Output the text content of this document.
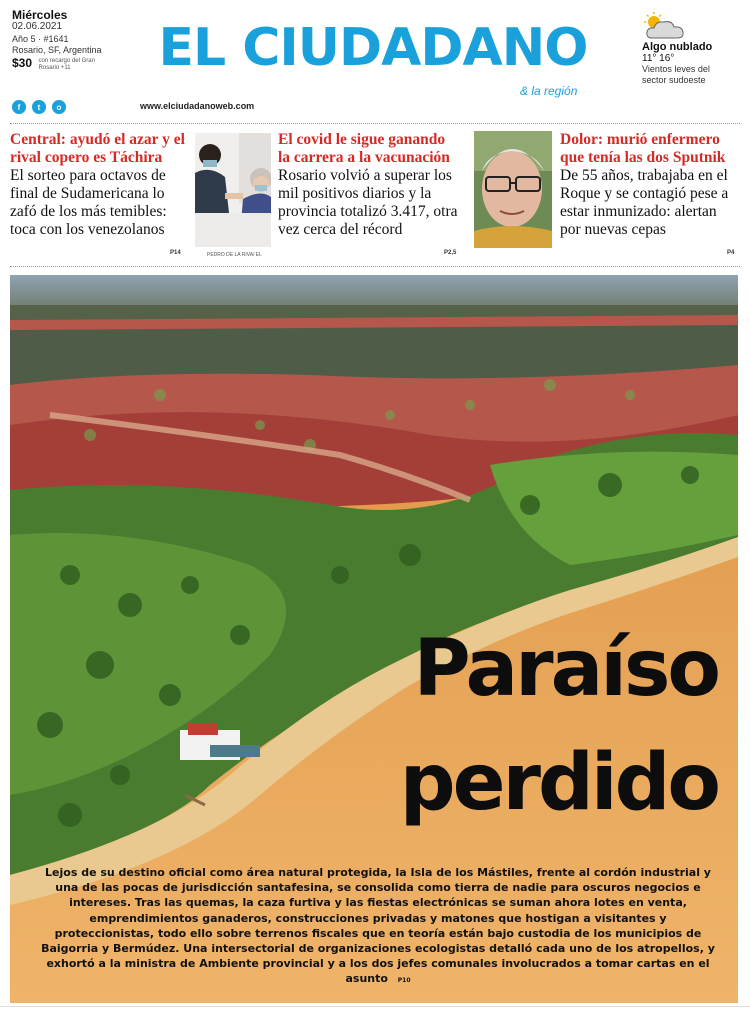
Miércoles
02.06.2021
Año 5 · #1641
Rosario, SF, Argentina
$30 con recargo del Gran Rosario +11	EL CIUDADANO
& la región
f	t	o	www.elciudadanoweb.com
Algo nublado
11° 16°
Vientos leves del sector sudoeste
Central: ayudó el azar y el rival copero es Táchira
El sorteo para octavos de final de Sudamericana lo zafó de los más temibles: toca con los venezolanos
P14	PEDRO DE LA RIVA/ EL
El covid le sigue ganando la carrera a la vacunación
Rosario volvió a superar los mil positivos diarios y la provincia totalizó 3.417, otra vez cerca del récord
P2,5
Dolor: murió enfermero que tenía las dos Sputnik
De 55 años, trabajaba en el Roque y se contagió pese a estar inmunizado: alertan por nuevas cepas
P4
Paraíso
perdido
Lejos de su destino oficial como área natural protegida, la Isla de los Mástiles, frente al cordón industrial y una de las pocas de jurisdicción santafesina, se consolida como tierra de nadie para oscuros negocios e intereses. Tras las quemas, la caza furtiva y las fiestas electrónicas se suman ahora lotes en venta, emprendimientos ganaderos, construcciones privadas y matones que hostigan a visitantes y proteccionistas, todo ello sobre terrenos fiscales que en teoría están bajo custodia de los municipios de Baigorria y Bermúdez. Una intersectorial de organizaciones ecologistas detalló cada uno de los atropellos, y exhortó a la ministra de Ambiente provincial y a los dos jefes comunales involucrados a tomar cartas en el asunto P10
